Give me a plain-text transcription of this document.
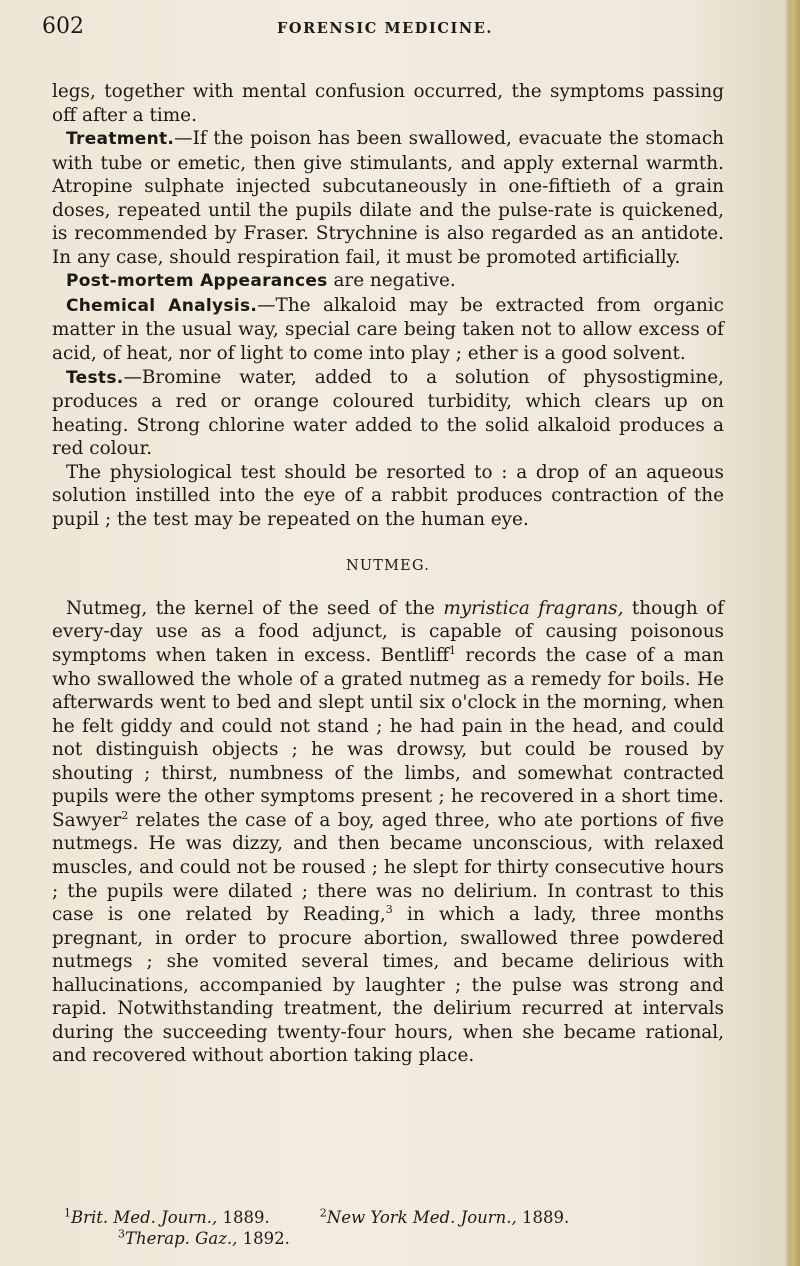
602	FORENSIC MEDICINE.

legs, together with mental confusion occurred, the symptoms passing off after a time.

Treatment.—If the poison has been swallowed, evacuate the stomach with tube or emetic, then give stimulants, and apply external warmth. Atropine sulphate injected subcutaneously in one-fiftieth of a grain doses, repeated until the pupils dilate and the pulse-rate is quickened, is recommended by Fraser. Strychnine is also regarded as an antidote. In any case, should respiration fail, it must be promoted artificially.

Post-mortem Appearances are negative.

Chemical Analysis.—The alkaloid may be extracted from organic matter in the usual way, special care being taken not to allow excess of acid, of heat, nor of light to come into play ; ether is a good solvent.

Tests.—Bromine water, added to a solution of physostigmine, produces a red or orange coloured turbidity, which clears up on heating. Strong chlorine water added to the solid alkaloid produces a red colour.

The physiological test should be resorted to : a drop of an aqueous solution instilled into the eye of a rabbit produces contraction of the pupil ; the test may be repeated on the human eye.

NUTMEG.

Nutmeg, the kernel of the seed of the myristica fragrans, though of every-day use as a food adjunct, is capable of causing poisonous symptoms when taken in excess. Bentliff$^1$ records the case of a man who swallowed the whole of a grated nutmeg as a remedy for boils. He afterwards went to bed and slept until six o'clock in the morning, when he felt giddy and could not stand ; he had pain in the head, and could not distinguish objects ; he was drowsy, but could be roused by shouting ; thirst, numbness of the limbs, and somewhat contracted pupils were the other symptoms present ; he recovered in a short time. Sawyer$^2$ relates the case of a boy, aged three, who ate portions of five nutmegs. He was dizzy, and then became unconscious, with relaxed muscles, and could not be roused ; he slept for thirty consecutive hours ; the pupils were dilated ; there was no delirium. In contrast to this case is one related by Reading,$^3$ in which a lady, three months pregnant, in order to procure abortion, swallowed three powdered nutmegs ; she vomited several times, and became delirious with hallucinations, accompanied by laughter ; the pulse was strong and rapid. Notwithstanding treatment, the delirium recurred at intervals during the succeeding twenty-four hours, when she became rational, and recovered without abortion taking place.

$^1$Brit. Med. Journ., 1889.	$^2$New York Med. Journ., 1889.
$^3$Therap. Gaz., 1892.
